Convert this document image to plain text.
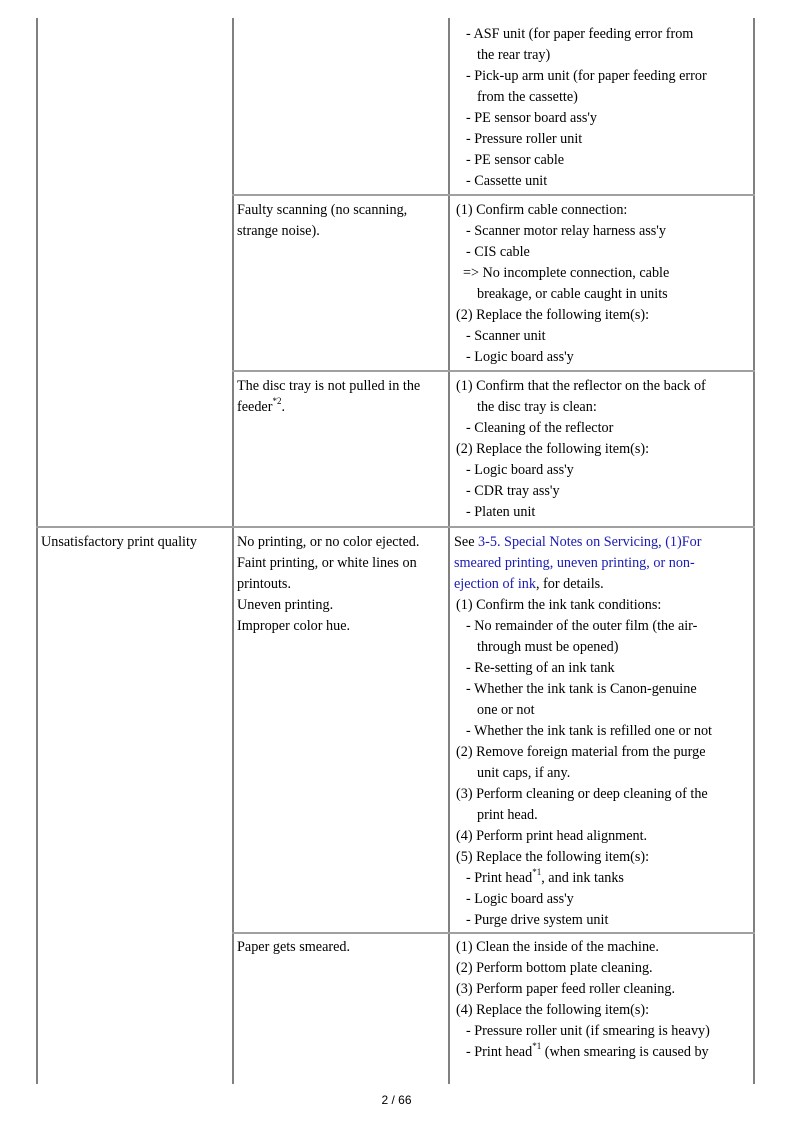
- ASF unit (for paper feeding error from
the rear tray)
- Pick-up arm unit (for paper feeding error
from the cassette)
- PE sensor board ass'y
- Pressure roller unit
- PE sensor cable
- Cassette unit
Faulty scanning (no scanning,
strange noise).
(1) Confirm cable connection:
- Scanner motor relay harness ass'y
- CIS cable
=> No incomplete connection, cable
breakage, or cable caught in units
(2) Replace the following item(s):
- Scanner unit
- Logic board ass'y
The disc tray is not pulled in the
feeder$^{*2}$.
(1) Confirm that the reflector on the back of
the disc tray is clean:
- Cleaning of the reflector
(2) Replace the following item(s):
- Logic board ass'y
- CDR tray ass'y
- Platen unit
Unsatisfactory print quality	No printing, or no color ejected.
Faint printing, or white lines on
printouts.
Uneven printing.
Improper color hue.
See 3-5. Special Notes on Servicing, (1)For
smeared printing, uneven printing, or non-
ejection of ink, for details.
(1) Confirm the ink tank conditions:
- No remainder of the outer film (the air-
through must be opened)
- Re-setting of an ink tank
- Whether the ink tank is Canon-genuine
one or not
- Whether the ink tank is refilled one or not
(2) Remove foreign material from the purge
unit caps, if any.
(3) Perform cleaning or deep cleaning of the
print head.
(4) Perform print head alignment.
(5) Replace the following item(s):
- Print head$^{*1}$, and ink tanks
- Logic board ass'y
- Purge drive system unit
Paper gets smeared.	(1) Clean the inside of the machine.
(2) Perform bottom plate cleaning.
(3) Perform paper feed roller cleaning.
(4) Replace the following item(s):
- Pressure roller unit (if smearing is heavy)
- Print head$^{*1}$ (when smearing is caused by
2 / 66
